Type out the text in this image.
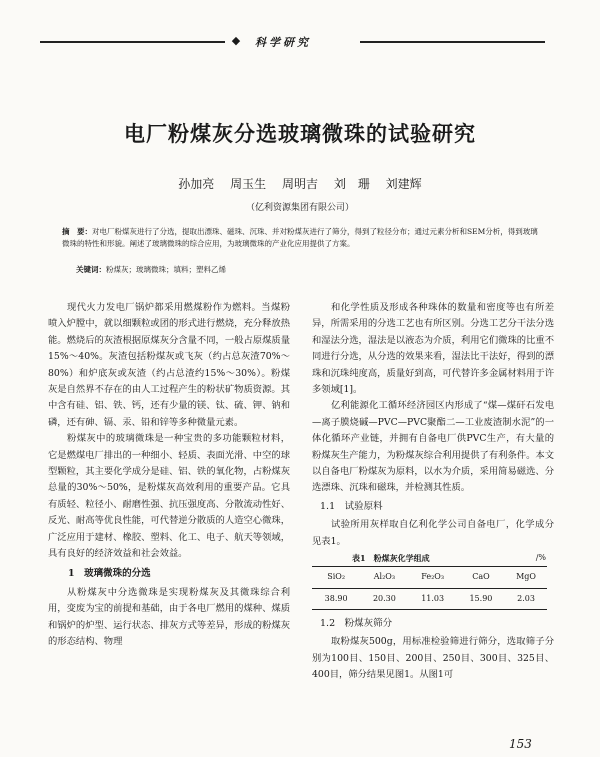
◆ 科学研究
电厂粉煤灰分选玻璃微珠的试验研究
孙加亮 周玉生 周明吉 刘　珊 刘建辉
（亿利资源集团有限公司）
摘　要：对电厂粉煤灰进行了分选，提取出漂珠、磁珠、沉珠、并对粉煤灰进行了筛分，得到了粒径分布；通过元素分析和SEM分析，得到玻璃微珠的特性和形貌。阐述了玻璃微珠的综合应用，为玻璃微珠的产业化应用提供了方案。
关键词：粉煤灰；玻璃微珠；填料；塑料乙烯

现代火力发电厂锅炉都采用燃煤粉作为燃料。当煤粉喷入炉膛中，就以细颗粒或团的形式进行燃烧，充分释放热能。燃烧后的灰渣根据原煤灰分含量不同，一般占原煤质量15%～40%。灰渣包括粉煤灰或飞灰（约占总灰渣70%～80%）和炉底灰或灰渣（约占总渣约15%～30%）。粉煤灰是自然界不存在的由人工过程产生的粉状矿物质资源。其中含有硅、铝、铁、钙，还有少量的镁、钛、硫、钾、钠和磷，还有砷、镉、汞、铅和锌等多种微量元素。

粉煤灰中的玻璃微珠是一种宝贵的多功能颗粒材料，它是燃煤电厂排出的一种细小、轻质、表面光滑、中空的球型颗粒，其主要化学成分是硅、铝、铁的氧化物，占粉煤灰总量的30%～50%，是粉煤灰高效利用的重要产品。它具有质轻、粒径小、耐磨性强、抗压强度高、分散流动性好、反光、耐高等优良性能，可代替逆分散质的人造空心微珠，广泛应用于建材、橡胶、塑料、化工、电子、航天等领域，具有良好的经济效益和社会效益。

1　玻璃微珠的分选

从粉煤灰中分选微珠是实现粉煤灰及其微珠综合利用，变废为宝的前提和基础，由于各电厂燃用的煤种、煤质和锅炉的炉型、运行状态、排灰方式等差异，形成的粉煤灰的形态结构、物理

和化学性质及形成各种珠体的数量和密度等也有所差异，所需采用的分选工艺也有所区别。分选工艺分干法分选和湿法分选，湿法是以液态为介质，利用它们微珠的比重不同进行分选，从分选的效果来看，湿法比干法好，得到的漂珠和沉珠纯度高，质量好到高，可代替许多金属材料用于许多领域[1]。

亿利能源化工循环经济园区内形成了“煤—煤矸石发电—离子膜烧碱—PVC—PVC聚酯二—工业废渣制水泥”的一体化循环产业链，并拥有自备电厂供PVC生产，有大量的粉煤灰生产能力，为粉煤灰综合利用提供了有利条件。本文以自备电厂粉煤灰为原料，以水为介质，采用简易磁选、分选漂珠、沉珠和磁珠，并检测其性质。

1.1　试验原料

试验所用灰样取自亿利化学公司自备电厂，化学成分见表1。

表1　粉煤灰化学组成	/%
SiO₂	Al₂O₃	Fe₂O₃	CaO	MgO
38.90	20.30	11.03	15.90	2.03
1.2　粉煤灰筛分

取粉煤灰500g，用标准检验筛进行筛分，选取筛子分别为100目、150目、200目、250目、300目、325目、400目，筛分结果见图1。从图1可

153
